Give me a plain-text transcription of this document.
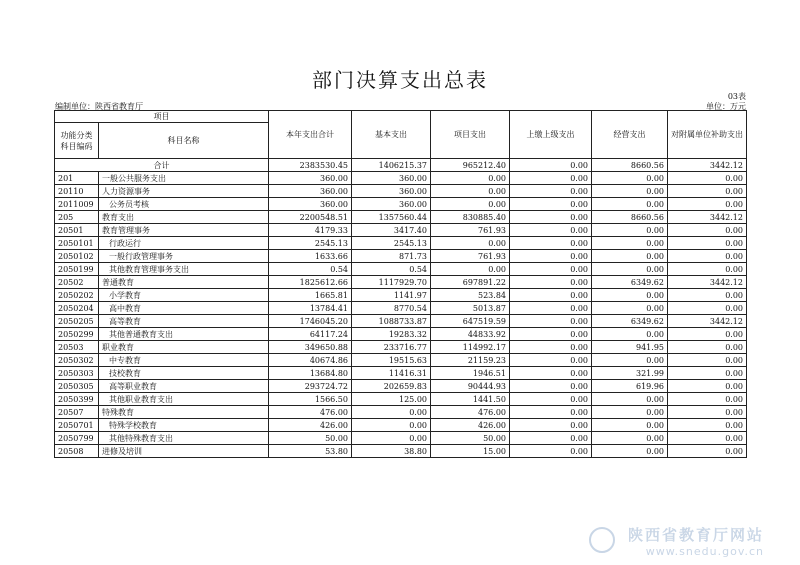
部门决算支出总表
03表
编制单位：陕西省教育厅	单位：万元
项目		本年支出合计	基本支出	项目支出	上缴上级支出	经营支出	对附属单位补助支出
功能分类
科目编码	科目名称						
合计		2383530.45	1406215.37	965212.40	0.00	8660.56	3442.12
201	一般公共服务支出	360.00	360.00	0.00	0.00	0.00	0.00
20110	人力资源事务	360.00	360.00	0.00	0.00	0.00	0.00
2011009	公务员考核	360.00	360.00	0.00	0.00	0.00	0.00
205	教育支出	2200548.51	1357560.44	830885.40	0.00	8660.56	3442.12
20501	教育管理事务	4179.33	3417.40	761.93	0.00	0.00	0.00
2050101	行政运行	2545.13	2545.13	0.00	0.00	0.00	0.00
2050102	一般行政管理事务	1633.66	871.73	761.93	0.00	0.00	0.00
2050199	其他教育管理事务支出	0.54	0.54	0.00	0.00	0.00	0.00
20502	普通教育	1825612.66	1117929.70	697891.22	0.00	6349.62	3442.12
2050202	小学教育	1665.81	1141.97	523.84	0.00	0.00	0.00
2050204	高中教育	13784.41	8770.54	5013.87	0.00	0.00	0.00
2050205	高等教育	1746045.20	1088733.87	647519.59	0.00	6349.62	3442.12
2050299	其他普通教育支出	64117.24	19283.32	44833.92	0.00	0.00	0.00
20503	职业教育	349650.88	233716.77	114992.17	0.00	941.95	0.00
2050302	中专教育	40674.86	19515.63	21159.23	0.00	0.00	0.00
2050303	技校教育	13684.80	11416.31	1946.51	0.00	321.99	0.00
2050305	高等职业教育	293724.72	202659.83	90444.93	0.00	619.96	0.00
2050399	其他职业教育支出	1566.50	125.00	1441.50	0.00	0.00	0.00
20507	特殊教育	476.00	0.00	476.00	0.00	0.00	0.00
2050701	特殊学校教育	426.00	0.00	426.00	0.00	0.00	0.00
2050799	其他特殊教育支出	50.00	0.00	50.00	0.00	0.00	0.00
20508	进修及培训	53.80	38.80	15.00	0.00	0.00	0.00
陕西省教育厅网站
www.snedu.gov.cn
